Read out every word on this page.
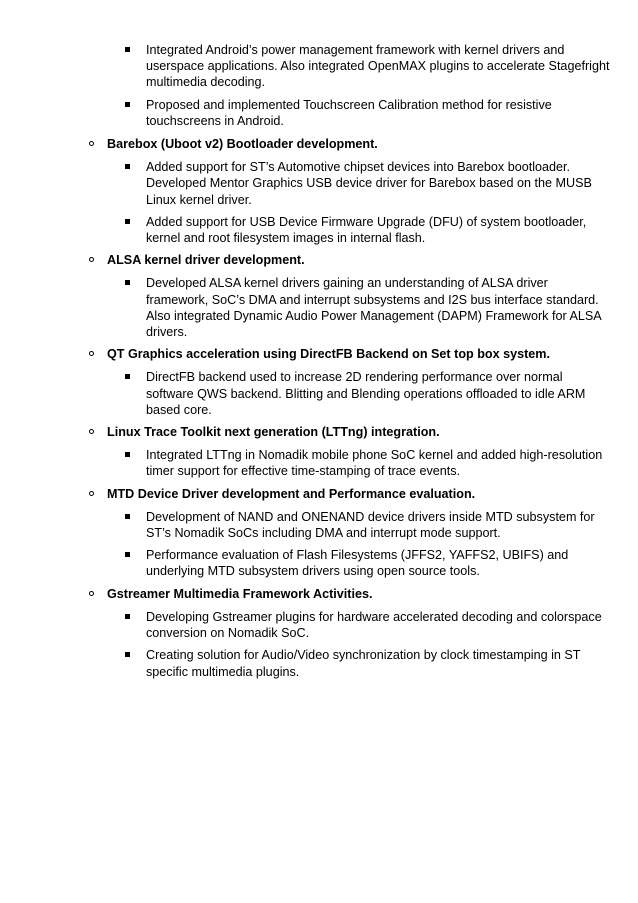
Integrated Android’s power management framework with kernel drivers and userspace applications. Also integrated OpenMAX plugins to accelerate Stagefright multimedia decoding.
Proposed and implemented Touchscreen Calibration method for resistive touchscreens in Android.
Barebox (Uboot v2) Bootloader development.
Added support for ST’s Automotive chipset devices into Barebox bootloader. Developed Mentor Graphics USB device driver for Barebox based on the MUSB Linux kernel driver.
Added support for USB Device Firmware Upgrade (DFU) of system bootloader, kernel and root filesystem images in internal flash.
ALSA kernel driver development.
Developed ALSA kernel drivers gaining an understanding of ALSA driver framework, SoC’s DMA and interrupt subsystems and I2S bus interface standard. Also integrated Dynamic Audio Power Management (DAPM) Framework for ALSA drivers.
QT Graphics acceleration using DirectFB Backend on Set top box system.
DirectFB backend used to increase 2D rendering performance over normal software QWS backend. Blitting and Blending operations offloaded to idle ARM based core.
Linux Trace Toolkit next generation (LTTng) integration.
Integrated LTTng in Nomadik mobile phone SoC kernel and added high-resolution timer support for effective time-stamping of trace events.
MTD Device Driver development and Performance evaluation.
Development of NAND and ONENAND device drivers inside MTD subsystem for ST’s Nomadik SoCs including DMA and interrupt mode support.
Performance evaluation of Flash Filesystems (JFFS2, YAFFS2, UBIFS) and underlying MTD subsystem drivers using open source tools.
Gstreamer Multimedia Framework Activities.
Developing Gstreamer plugins for hardware accelerated decoding and colorspace conversion on Nomadik SoC.
Creating solution for Audio/Video synchronization by clock timestamping in ST specific multimedia plugins.
